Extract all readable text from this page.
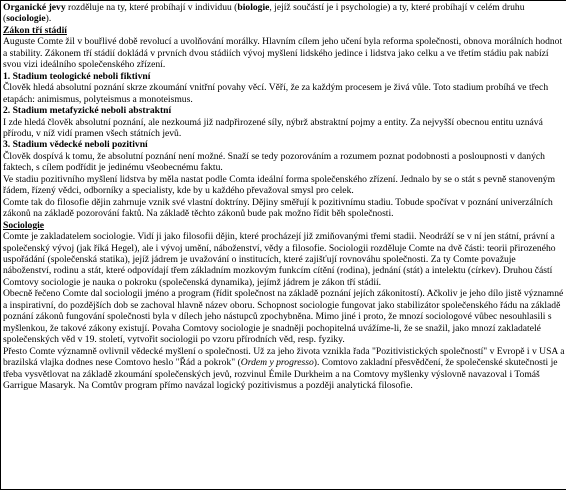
Organické jevy rozděluje na ty, které probíhají v individuu (biologie, jejíž součástí je i psychologie) a ty, které probíhají v celém druhu (sociologie).

Zákon tří stádií

Auguste Comte žil v bouřlivé době revolucí a uvolňování morálky. Hlavním cílem jeho učení byla reforma společnosti, obnova morálních hodnot a stability. Zákonem tří stádií dokládá v prvních dvou stádiích vývoj myšlení lidského jedince i lidstva jako celku a ve třetím stádiu pak nabízí svou vizi ideálního společenského zřízení.

1. Stadium teologické neboli fiktivní

Člověk hledá absolutní poznání skrze zkoumání vnitřní povahy věcí. Věří, že za každým procesem je živá vůle. Toto stadium probíhá ve třech etapách: animismus, polyteismus a monoteismus.

2. Stadium metafyzické neboli abstraktní

I zde hledá člověk absolutní poznání, ale nezkoumá již nadpřirozené síly, nýbrž abstraktní pojmy a entity. Za nejvyšší obecnou entitu uznává přírodu, v níž vidí pramen všech státních jevů.

3. Stadium vědecké neboli pozitivní

Člověk dospívá k tomu, že absolutní poznání není možné. Snaží se tedy pozorováním a rozumem poznat podobnosti a posloupnosti v daných faktech, s cílem podřídit je jedinému všeobecnému faktu.

Ve stadiu pozitivního myšlení lidstva by měla nastat podle Comta ideální forma společenského zřízení. Jednalo by se o stát s pevně stanoveným řádem, řízený vědci, odborníky a specialisty, kde by u každého převažoval smysl pro celek.

Comte tak do filosofie dějin zahrnuje vznik své vlastní doktríny. Dějiny směřují k pozitivnímu stadiu. Tobude spočívat v poznání univerzálních zákonů na základě pozorování faktů. Na základě těchto zákonů bude pak možno řídit běh společnosti.

Sociologie

Comte je zakladatelem sociologie. Vidí ji jako filosofii dějin, které procházejí již zmiňovanými třemi stadii. Neodráží se v ní jen státní, právní a společenský vývoj (jak říká Hegel), ale i vývoj umění, náboženství, vědy a filosofie. Sociologii rozděluje Comte na dvě části: teorii přirozeného uspořádání (společenská statika), jejíž jádrem je uvažování o institucích, které zajišťují rovnováhu společnosti. Za ty Comte považuje náboženství, rodinu a stát, které odpovídají třem základním mozkovým funkcím cítění (rodina), jednání (stát) a intelektu (církev). Druhou částí Comtovy sociologie je nauka o pokroku (společenská dynamika), jejímž jádrem je zákon tří stádií.

Obecně řečeno Comte dal sociologii jméno a program (řídit společnost na základě poznání jejích zákonitostí). Ačkoliv je jeho dílo jistě významné a inspirativní, do pozdějších dob se zachoval hlavně název oboru. Schopnost sociologie fungovat jako stabilizátor společenského řádu na základě poznání zákonů fungování společnosti byla v dílech jeho nástupců zpochybněna. Mimo jiné i proto, že mnozí sociologové vůbec nesouhlasili s myšlenkou, že takové zákony existují. Povaha Comtovy sociologie je snadněji pochopitelná uvážíme-li, že se snažil, jako mnozí zakladatelé společenských věd v 19. století, vytvořit sociologii po vzoru přírodních věd, resp. fyziky.

Přesto Comte významně ovlivnil vědecké myšlení o společnosti. Už za jeho života vznikla řada "Pozitivistických společností" v Evropě i v USA a brazilská vlajka dodnes nese Comtovo heslo "Řád a pokrok" (Ordem y progresso). Comtovo zakladní přesvědčení, že společenské skutečnosti je třeba vysvětlovat na základě zkoumání společenských jevů, rozvinul Émile Durkheim a na Comtovy myšlenky výslovně navazoval i Tomáš Garrigue Masaryk. Na Comtův program přímo navázal logický pozitivismus a později analytická filosofie.
